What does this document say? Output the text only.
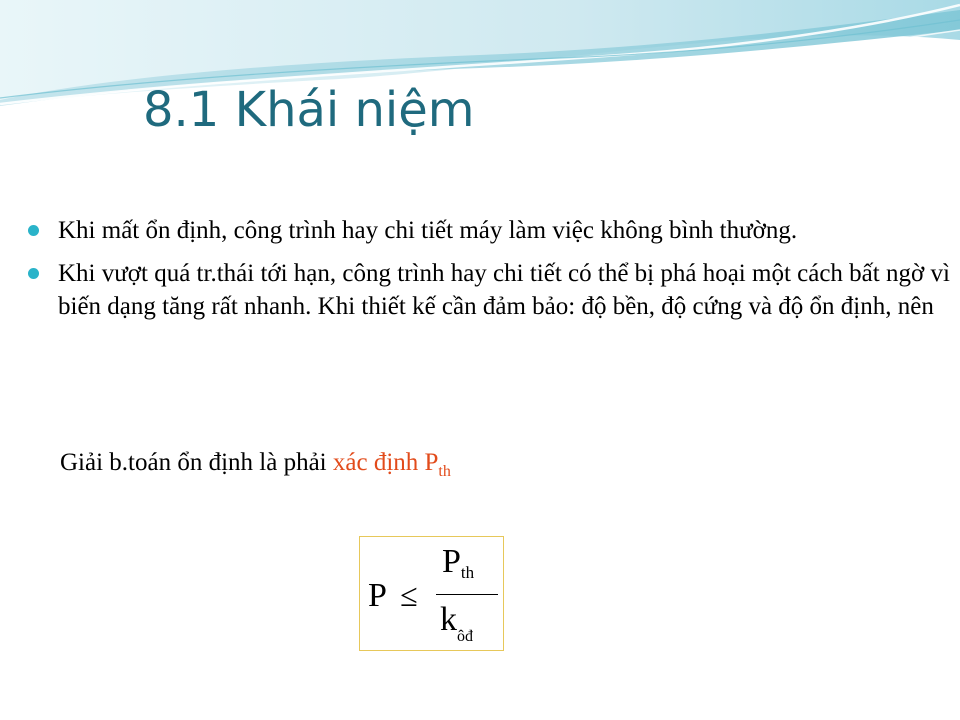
8.1 Khái niệm
Khi mất ổn định, công trình hay chi tiết máy làm việc không bình thường.
Khi vượt quá tr.thái tới hạn, công trình hay chi tiết có thể bị phá hoại một cách bất ngờ vì biến dạng tăng rất nhanh. Khi thiết kế cần đảm bảo: độ bền, độ cứng và độ ổn định, nên
Giải b.toán ổn định là phải xác định $P_{th}$
P ≤
Pth
$k_{ôđ}$
